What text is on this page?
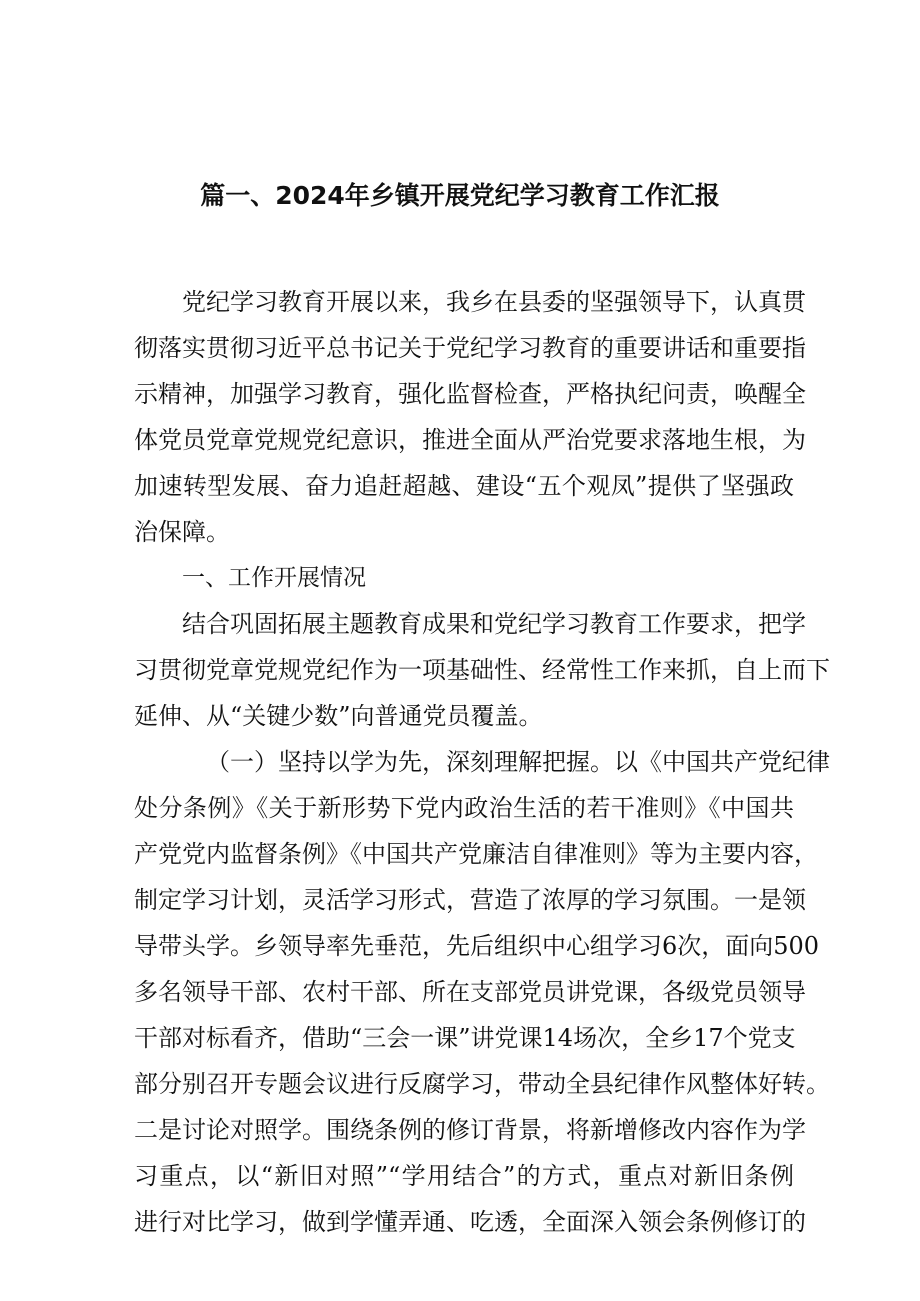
篇一、2024年乡镇开展党纪学习教育工作汇报
党纪学习教育开展以来，我乡在县委的坚强领导下，认真贯
彻落实贯彻习近平总书记关于党纪学习教育的重要讲话和重要指
示精神，加强学习教育，强化监督检查，严格执纪问责，唤醒全
体党员党章党规党纪意识，推进全面从严治党要求落地生根，为
加速转型发展、奋力追赶超越、建设“五个观凤”提供了坚强政
治保障。
一、工作开展情况
结合巩固拓展主题教育成果和党纪学习教育工作要求，把学
习贯彻党章党规党纪作为一项基础性、经常性工作来抓，自上而下
延伸、从“关键少数”向普通党员覆盖。
（一）坚持以学为先，深刻理解把握。以《中国共产党纪律
处分条例》《关于新形势下党内政治生活的若干准则》《中国共
产党党内监督条例》《中国共产党廉洁自律准则》等为主要内容，
制定学习计划，灵活学习形式，营造了浓厚的学习氛围。一是领
导带头学。乡领导率先垂范，先后组织中心组学习6次，面向500
多名领导干部、农村干部、所在支部党员讲党课，各级党员领导
干部对标看齐，借助“三会一课”讲党课14场次，全乡17个党支
部分别召开专题会议进行反腐学习，带动全县纪律作风整体好转。
二是讨论对照学。围绕条例的修订背景，将新增修改内容作为学
习重点，以“新旧对照”“学用结合”的方式，重点对新旧条例
进行对比学习，做到学懂弄通、吃透，全面深入领会条例修订的
